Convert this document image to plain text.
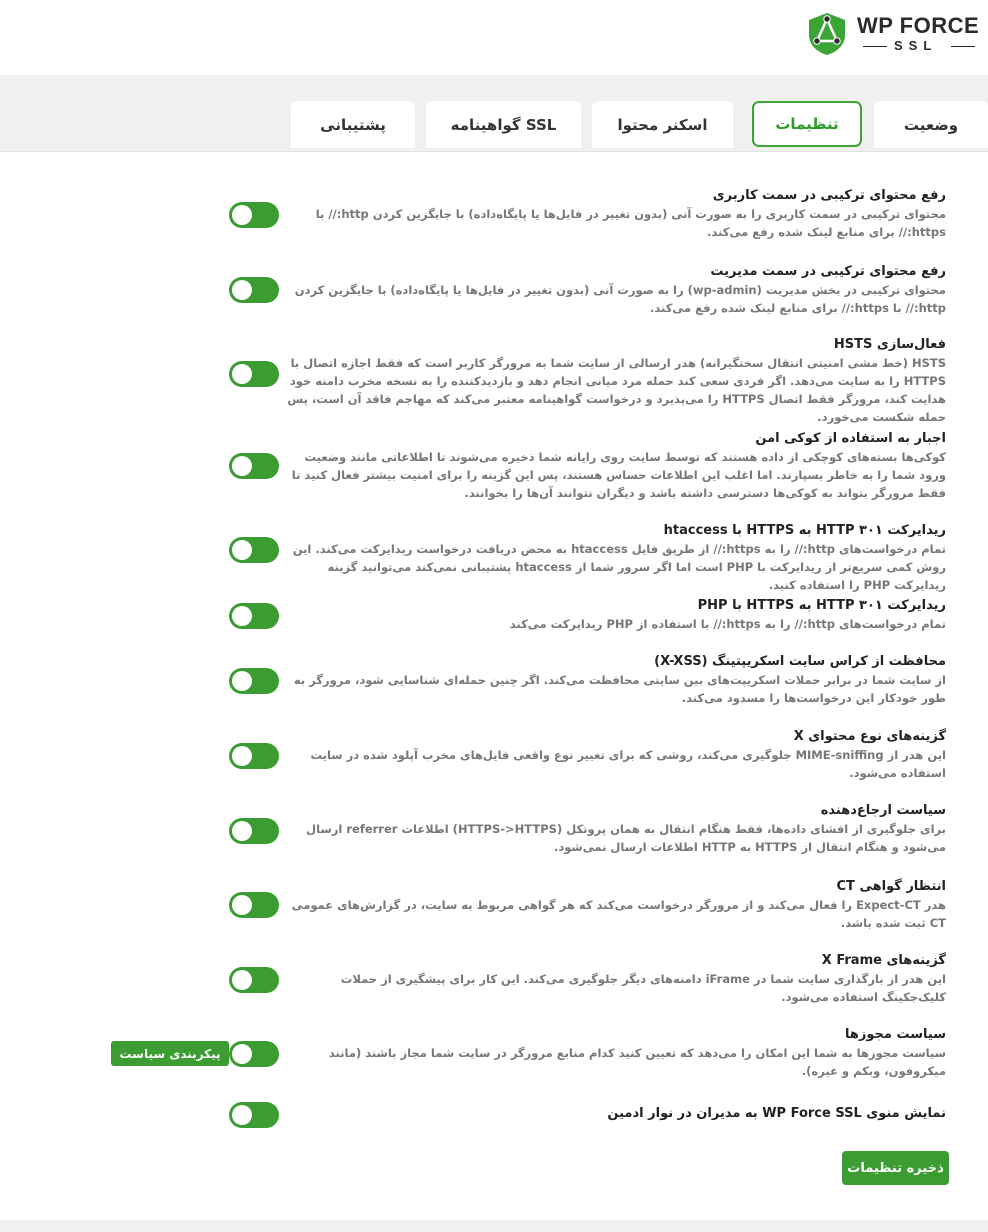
WP FORCE
SSL
وضعیت
تنظیمات
اسکنر محتوا
گواهینامه SSL
پشتیبانی
رفع محتوای ترکیبی در سمت کاربری
محتوای ترکیبی در سمت کاربری را به صورت آنی (بدون تغییر در فایل‌ها یا پایگاه‌داده) با جایگزین کردن http:// با https:// برای منابع لینک شده رفع می‌کند.
رفع محتوای ترکیبی در سمت مدیریت
محتوای ترکیبی در بخش مدیریت (wp-admin) را به صورت آنی (بدون تغییر در فایل‌ها یا پایگاه‌داده) با جایگزین کردن http:// با https:// برای منابع لینک شده رفع می‌کند.
فعال‌سازی HSTS
HSTS (خط مشی امنیتی انتقال سختگیرانه) هدر ارسالی از سایت شما به مرورگر کاربر است که فقط اجازه اتصال با HTTPS را به سایت می‌دهد. اگر فردی سعی کند حمله مرد میانی انجام دهد و بازدیدکننده را به نسخه مخرب دامنه خود هدایت کند، مرورگر فقط اتصال HTTPS را می‌پذیرد و درخواست گواهینامه معتبر می‌کند که مهاجم فاقد آن است، پس حمله شکست می‌خورد.
اجبار به استفاده از کوکی امن
کوکی‌ها بسته‌های کوچکی از داده هستند که توسط سایت روی رایانه شما ذخیره می‌شوند تا اطلاعاتی مانند وضعیت ورود شما را به خاطر بسپارند. اما اغلب این اطلاعات حساس هستند، پس این گزینه را برای امنیت بیشتر فعال کنید تا فقط مرورگر بتواند به کوکی‌ها دسترسی داشته باشد و دیگران نتوانند آن‌ها را بخوانند.
ریدایرکت ۳۰۱ HTTP به HTTPS با htaccess
تمام درخواست‌های http:// را به https:// از طریق فایل htaccess به محض دریافت درخواست ریدایرکت می‌کند. این روش کمی سریع‌تر از ریدایرکت با PHP است اما اگر سرور شما از htaccess پشتیبانی نمی‌کند می‌توانید گزینه ریدایرکت PHP را استفاده کنید.
ریدایرکت ۳۰۱ HTTP به HTTPS با PHP
تمام درخواست‌های http:// را به https:// با استفاده از PHP ریدایرکت می‌کند
محافظت از کراس سایت اسکریپتینگ (X-XSS)
از سایت شما در برابر حملات اسکریپت‌های بین سایتی محافظت می‌کند. اگر چنین حمله‌ای شناسایی شود، مرورگر به طور خودکار این درخواست‌ها را مسدود می‌کند.
گزینه‌های نوع محتوای X
این هدر از MIME-sniffing جلوگیری می‌کند، روشی که برای تغییر نوع واقعی فایل‌های مخرب آپلود شده در سایت استفاده می‌شود.
سیاست ارجاع‌دهنده
برای جلوگیری از افشای داده‌ها، فقط هنگام انتقال به همان پروتکل (HTTPS->HTTPS) اطلاعات referrer ارسال می‌شود و هنگام انتقال از HTTPS به HTTP اطلاعات ارسال نمی‌شود.
انتظار گواهی CT
هدر Expect-CT را فعال می‌کند و از مرورگر درخواست می‌کند که هر گواهی مربوط به سایت، در گزارش‌های عمومی CT ثبت شده باشد.
گزینه‌های X Frame
این هدر از بارگذاری سایت شما در iFrame دامنه‌های دیگر جلوگیری می‌کند. این کار برای پیشگیری از حملات کلیک‌جکینگ استفاده می‌شود.
سیاست مجوزها
سیاست مجوزها به شما این امکان را می‌دهد که تعیین کنید کدام منابع مرورگر در سایت شما مجاز باشند (مانند میکروفون، وبکم و غیره).
پیکربندی سیاست
نمایش منوی WP Force SSL به مدیران در نوار ادمین
ذخیره تنظیمات
